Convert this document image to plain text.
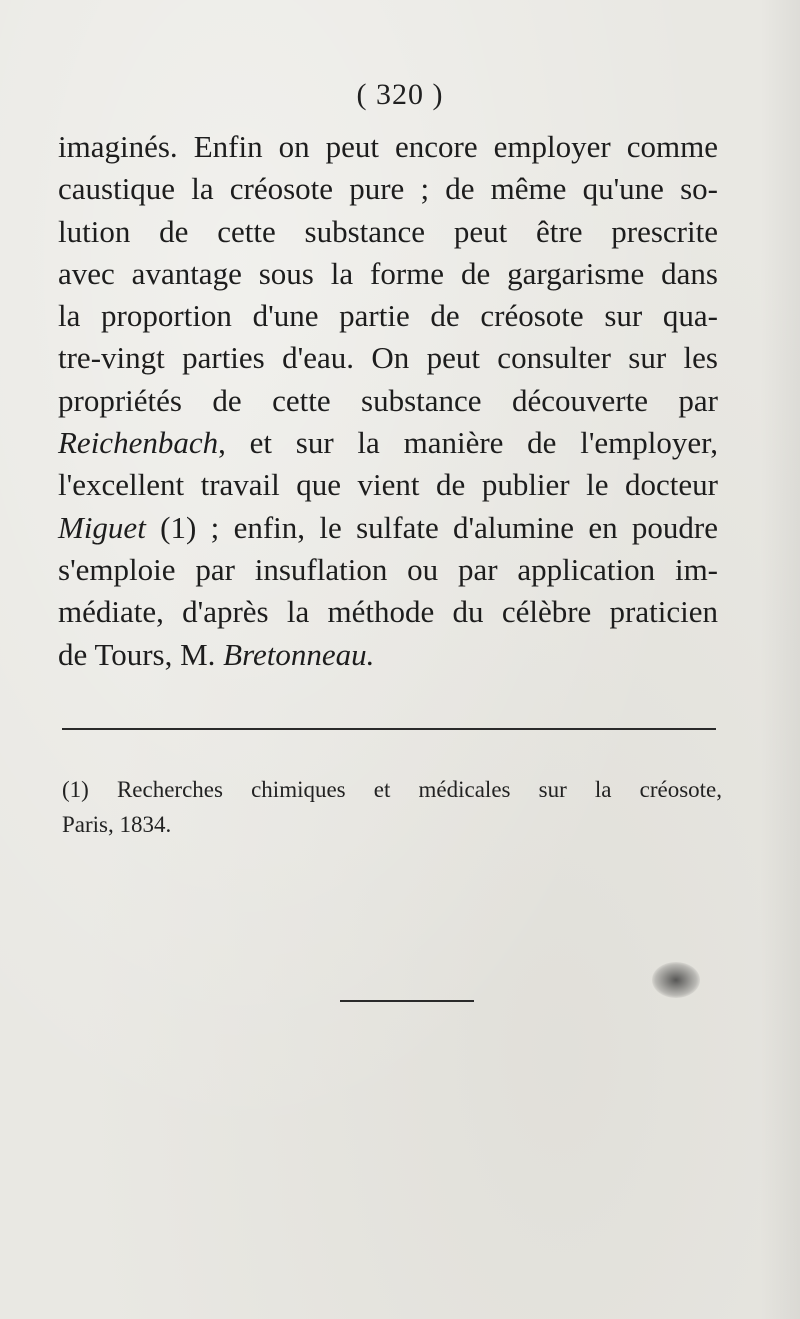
( 320 )
imaginés. Enfin on peut encore employer comme
caustique la créosote pure ; de même qu'une so-
lution de cette substance peut être prescrite
avec avantage sous la forme de gargarisme dans
la proportion d'une partie de créosote sur qua-
tre-vingt parties d'eau. On peut consulter sur les
propriétés de cette substance découverte par
Reichenbach, et sur la manière de l'employer,
l'excellent travail que vient de publier le docteur
Miguet (1) ; enfin, le sulfate d'alumine en poudre
s'emploie par insuflation ou par application im-
médiate, d'après la méthode du célèbre praticien
de Tours, M. Bretonneau.
(1) Recherches chimiques et médicales sur la créosote,
Paris, 1834.
